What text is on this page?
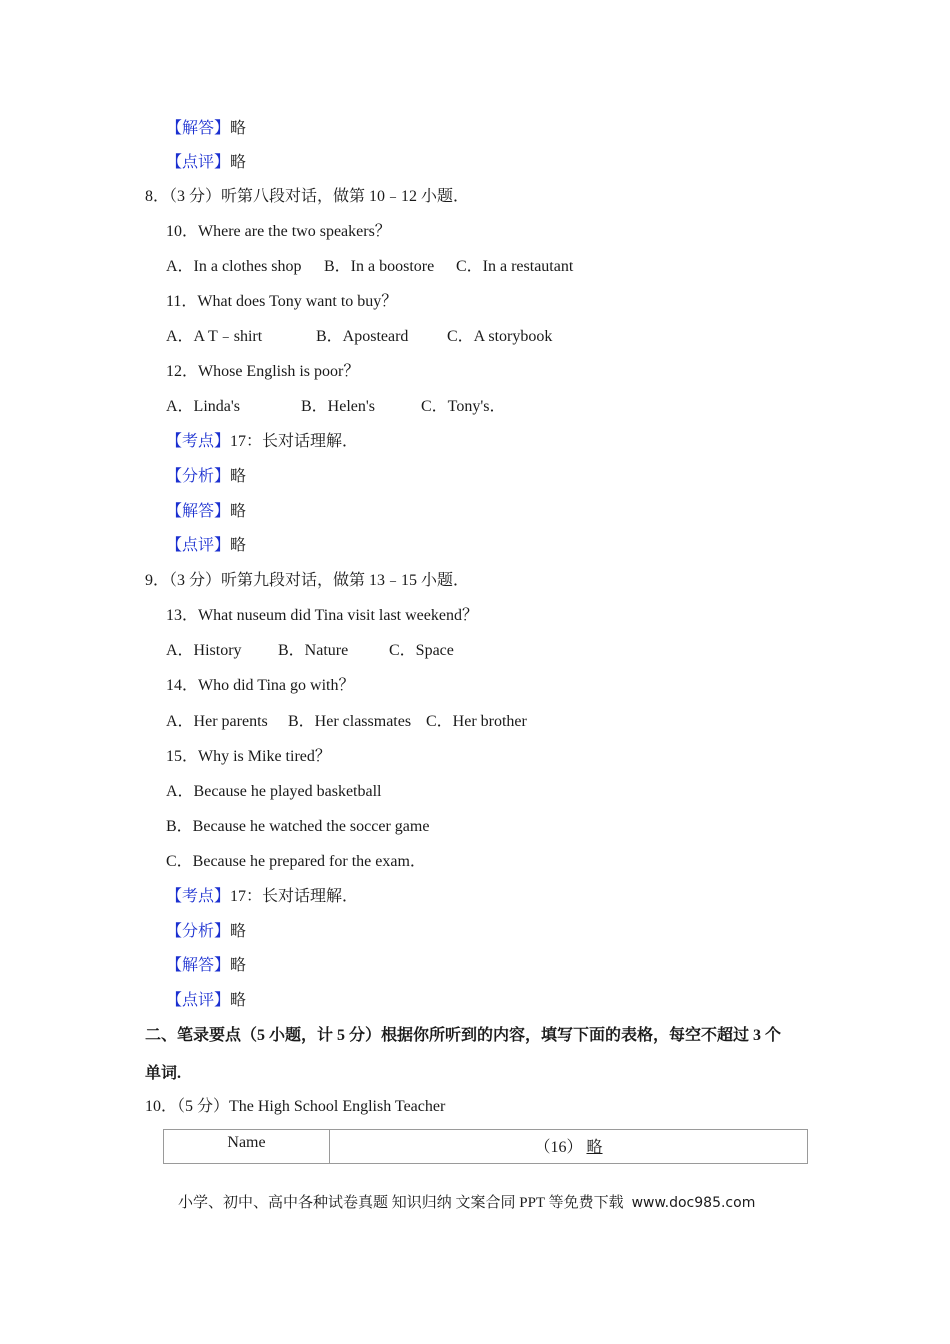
【解答】略
【点评】略
8．（3 分）听第八段对话，做第 10﹣12 小题．
10．Where are the two speakers？
A．In a clothes shop B．In a boostore C．In a restautant
11．What does Tony want to buy？
A．A T﹣shirt	B．Aposteard C．A storybook
12．Whose English is poor？
A．Linda's	B．Helen's	C．Tony's．
【考点】17：长对话理解．
【分析】略
【解答】略
【点评】略
9．（3 分）听第九段对话，做第 13﹣15 小题．
13．What nuseum did Tina visit last weekend？
A．History B．Nature	C．Space
14．Who did Tina go with？
A．Her parents B．Her classmates C．Her brother
15．Why is Mike tired？
A．Because he played basketball
B．Because he watched the soccer game
C．Because he prepared for the exam．
【考点】17：长对话理解．
【分析】略
【解答】略
【点评】略
二、笔录要点（5 小题，计 5 分）根据你所听到的内容，填写下面的表格，每空不超过 3 个
单词.
10．（5 分）The High School English Teacher
Name	（16） 略
小学、初中、高中各种试卷真题 知识归纳 文案合同 PPT 等免费下载 www.doc985.com
